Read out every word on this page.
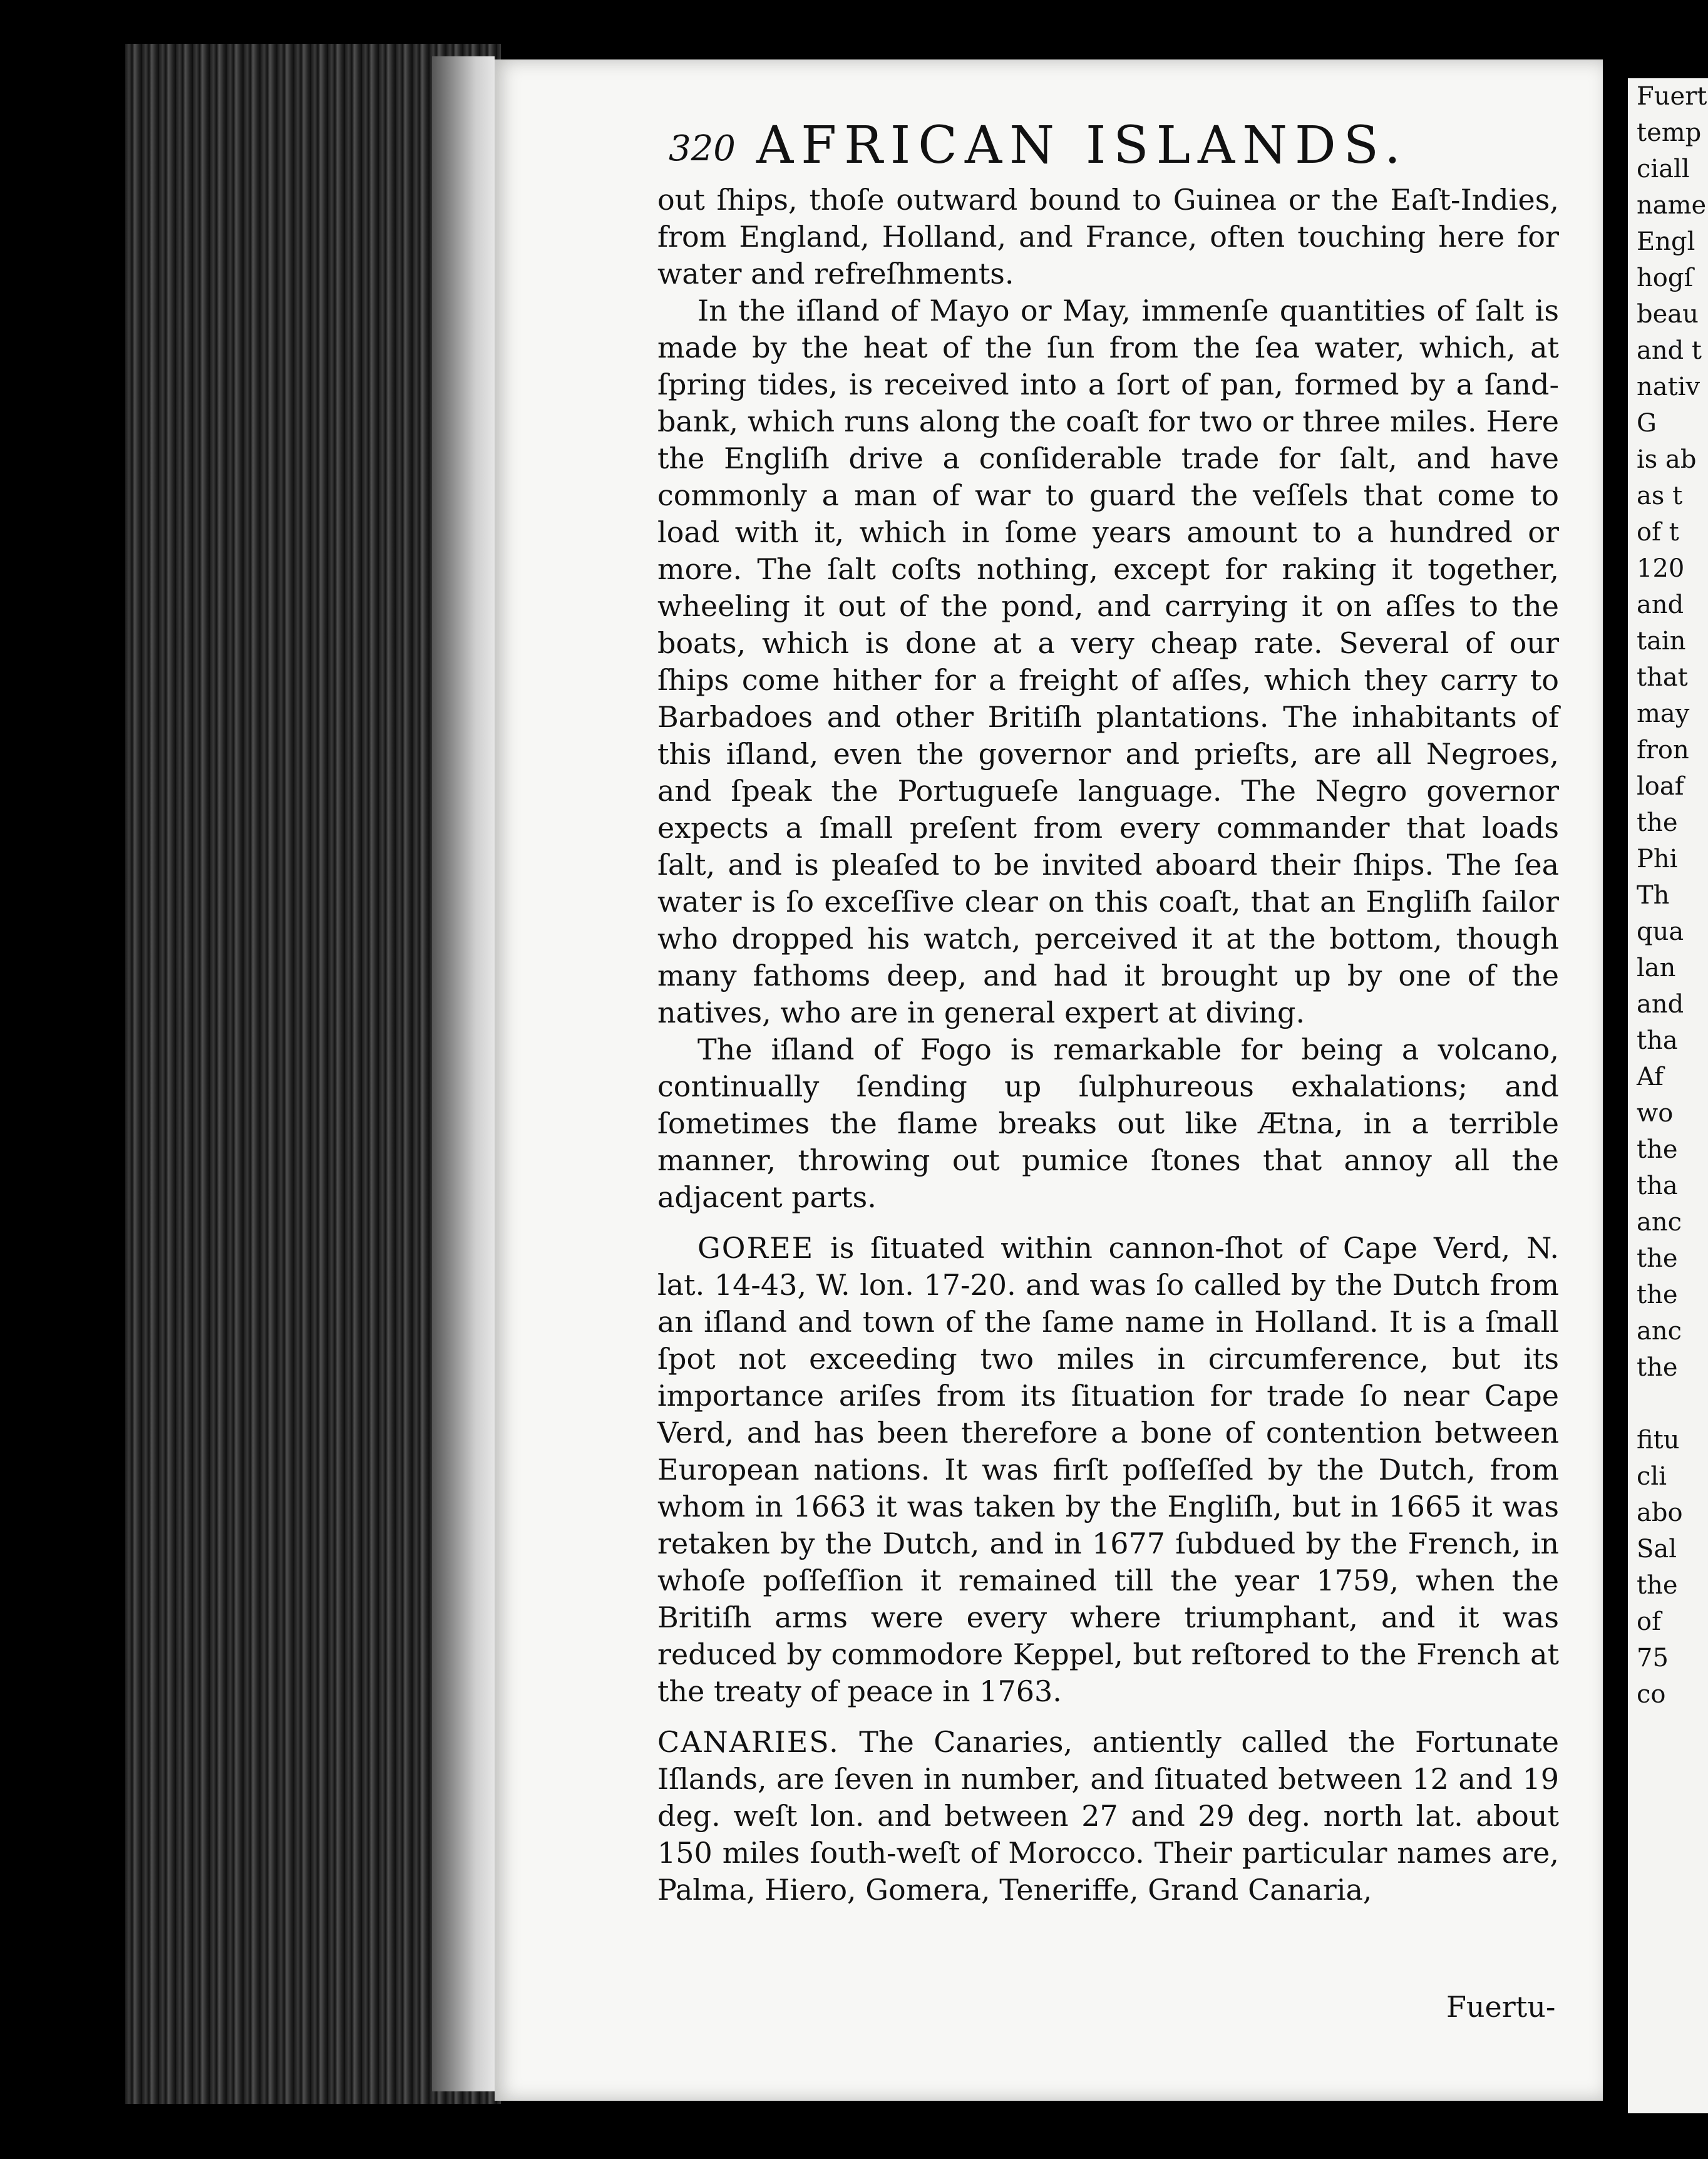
320 AFRICAN ISLANDS.

out ſhips, thoſe outward bound to Guinea or the Eaſt-Indies, from England, Holland, and France, often touching here for water and refreſhments.

In the iſland of Mayo or May, immenſe quantities of ſalt is made by the heat of the ſun from the ſea water, which, at ſpring tides, is received into a ſort of pan, formed by a ſand-bank, which runs along the coaſt for two or three miles. Here the Engliſh drive a conſiderable trade for ſalt, and have commonly a man of war to guard the veſſels that come to load with it, which in ſome years amount to a hundred or more. The ſalt coſts nothing, except for raking it together, wheeling it out of the pond, and carrying it on aſſes to the boats, which is done at a very cheap rate. Several of our ſhips come hither for a freight of aſſes, which they carry to Barbadoes and other Britiſh plantations. The inhabitants of this iſland, even the governor and prieſts, are all Negroes, and ſpeak the Portugueſe language. The Negro governor expects a ſmall preſent from every commander that loads ſalt, and is pleaſed to be invited aboard their ſhips. The ſea water is ſo exceſſive clear on this coaſt, that an Engliſh ſailor who dropped his watch, perceived it at the bottom, though many fathoms deep, and had it brought up by one of the natives, who are in general expert at diving.

The iſland of Fogo is remarkable for being a volcano, continually ſending up ſulphureous exhalations; and ſometimes the flame breaks out like Ætna, in a terrible manner, throwing out pumice ſtones that annoy all the adjacent parts.

GOREE is ſituated within cannon-ſhot of Cape Verd, N. lat. 14-43, W. lon. 17-20. and was ſo called by the Dutch from an iſland and town of the ſame name in Holland. It is a ſmall ſpot not exceeding two miles in circumference, but its importance ariſes from its ſituation for trade ſo near Cape Verd, and has been therefore a bone of contention between European nations. It was firſt poſſeſſed by the Dutch, from whom in 1663 it was taken by the Engliſh, but in 1665 it was retaken by the Dutch, and in 1677 ſubdued by the French, in whoſe poſſeſſion it remained till the year 1759, when the Britiſh arms were every where triumphant, and it was reduced by commodore Keppel, but reſtored to the French at the treaty of peace in 1763.

CANARIES. The Canaries, antiently called the Fortunate Iſlands, are ſeven in number, and ſituated between 12 and 19 deg. weſt lon. and between 27 and 29 deg. north lat. about 150 miles ſouth-weſt of Morocco. Their particular names are, Palma, Hiero, Gomera, Teneriffe, Grand Canaria,

Fuertu-

Fuert

temp

ciall

name

Engl

hogſ

beau

and t

nativ

G

is ab

as t

of t

120

and

tain

that

may

fron

loaf

the

Phi

Th

qua

lan

and

tha

Af

wo

the

tha

anc

the

the

anc

the

fitu

cli

abo

Sal

the

of

75

co
